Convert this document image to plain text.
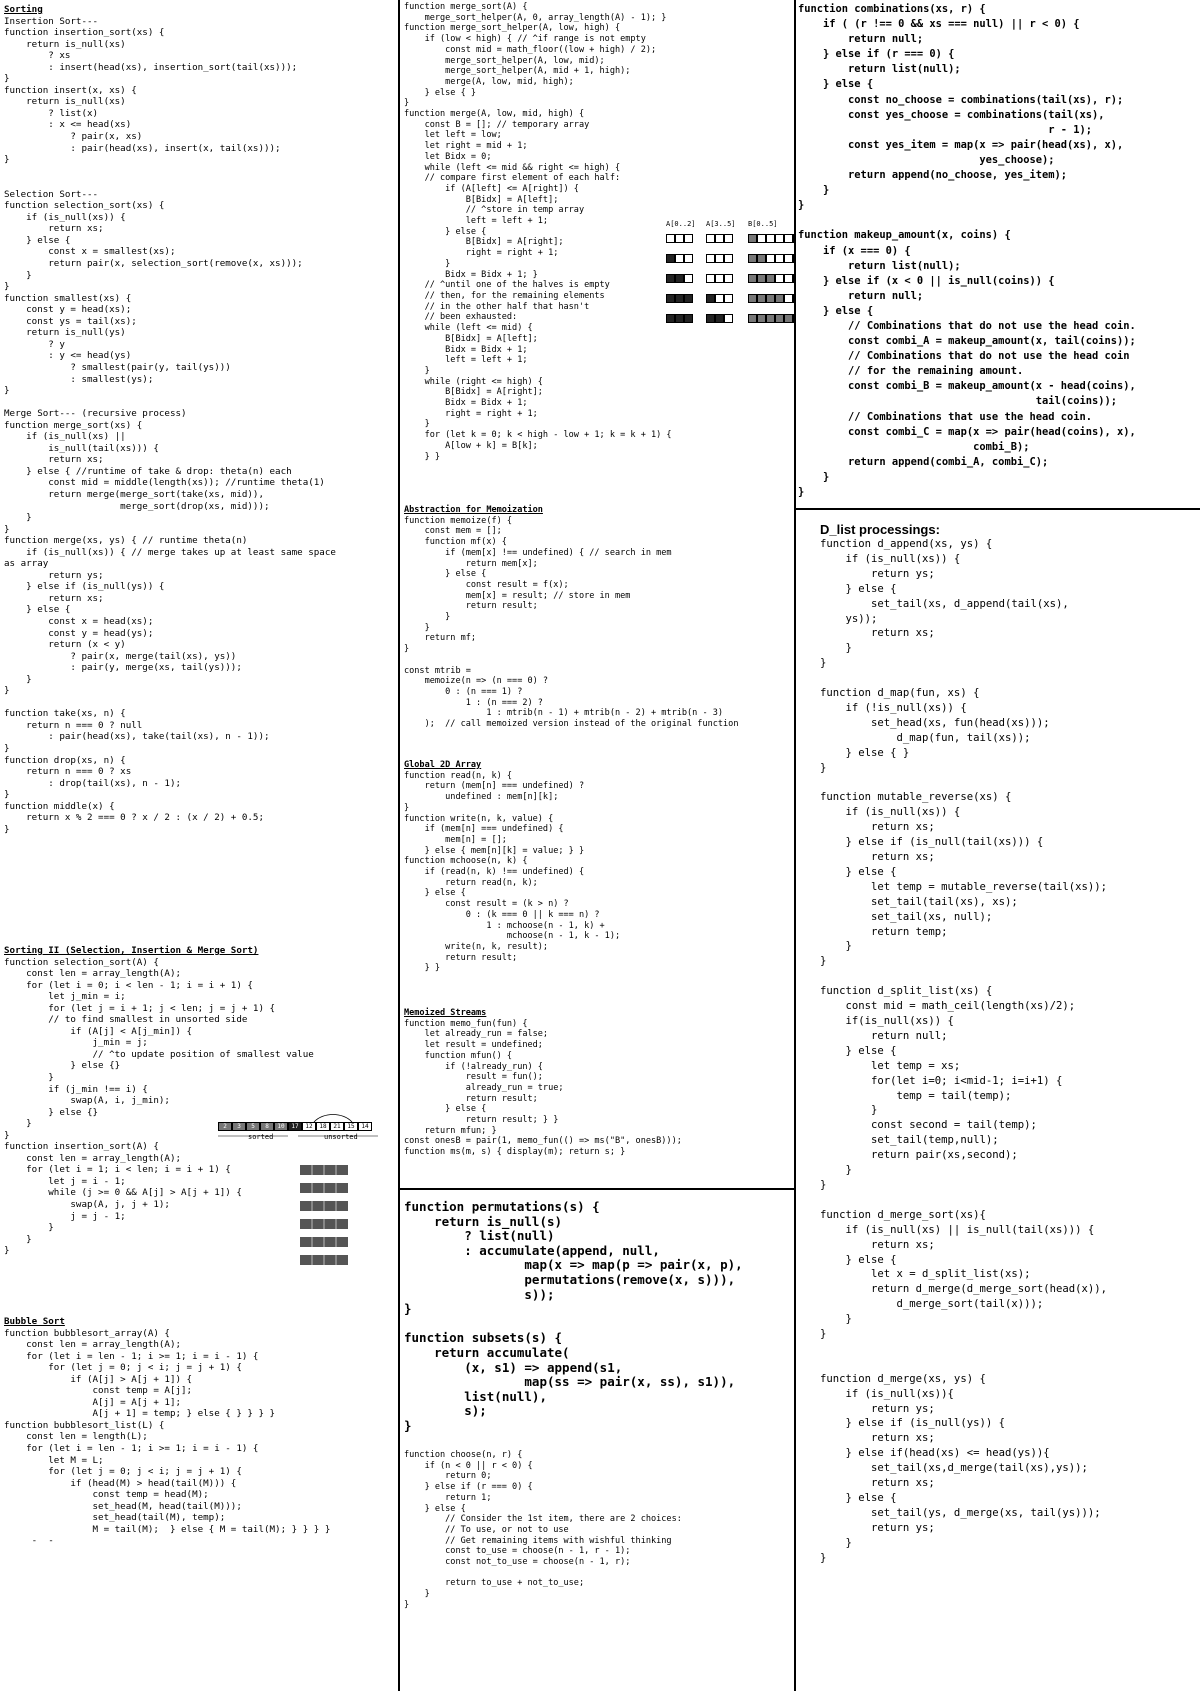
Sorting
Insertion Sort---
function insertion_sort(xs) {
return is_null(xs)
? xs
: insert(head(xs), insertion_sort(tail(xs)));
}
function insert(x, xs) {
return is_null(xs)
? list(x)
: x <= head(xs)
? pair(x, xs)
: pair(head(xs), insert(x, tail(xs)));
}

Selection Sort---
function selection_sort(xs) {
if (is_null(xs)) {
return xs;
} else {
const x = smallest(xs);
return pair(x, selection_sort(remove(x, xs)));
}
}
function smallest(xs) {
const y = head(xs);
const ys = tail(xs);
return is_null(ys)
? y
: y <= head(ys)
? smallest(pair(y, tail(ys)))
: smallest(ys);
}

Merge Sort--- (recursive process)
function merge_sort(xs) {
if (is_null(xs) ||
is_null(tail(xs))) {
return xs;
} else { //runtime of take & drop: theta(n) each
const mid = middle(length(xs)); //runtime theta(1)
return merge(merge_sort(take(xs, mid)),
merge_sort(drop(xs, mid)));
}
}
function merge(xs, ys) { // runtime theta(n)
if (is_null(xs)) { // merge takes up at least same space
as array
return ys;
} else if (is_null(ys)) {
return xs;
} else {
const x = head(xs);
const y = head(ys);
return (x < y)
? pair(x, merge(tail(xs), ys))
: pair(y, merge(xs, tail(ys)));
}
}

function take(xs, n) {
return n === 0 ? null
: pair(head(xs), take(tail(xs), n - 1));
}
function drop(xs, n) {
return n === 0 ? xs
: drop(tail(xs), n - 1);
}
function middle(x) {
return x % 2 === 0 ? x / 2 : (x / 2) + 0.5;
}
Sorting II (Selection, Insertion & Merge Sort)
function selection_sort(A) {
const len = array_length(A);
for (let i = 0; i < len - 1; i = i + 1) {
let j_min = i;
for (let j = i + 1; j < len; j = j + 1) {
// to find smallest in unsorted side
if (A[j] < A[j_min]) {
j_min = j;
// ^to update position of smallest value
} else {}
}
if (j_min !== i) {
swap(A, i, j_min);
} else {}
}
}
function insertion_sort(A) {
const len = array_length(A);
for (let i = 1; i < len; i = i + 1) {
let j = i - 1;
while (j >= 0 && A[j] > A[j + 1]) {
swap(A, j, j + 1);
j = j - 1;
}
}
}
2 3 5 8 10 17 12 18 21 15 14
sorted	unsorted
Bubble Sort
function bubblesort_array(A) {
const len = array_length(A);
for (let i = len - 1; i >= 1; i = i - 1) {
for (let j = 0; j < i; j = j + 1) {
if (A[j] > A[j + 1]) {
const temp = A[j];
A[j] = A[j + 1];
A[j + 1] = temp; } else { } } } }
function bubblesort_list(L) {
const len = length(L);
for (let i = len - 1; i >= 1; i = i - 1) {
let M = L;
for (let j = 0; j < i; j = j + 1) {
if (head(M) > head(tail(M))) {
const temp = head(M);
set_head(M, head(tail(M)));
set_head(tail(M), temp);
M = tail(M);  } else { M = tail(M); } } } }
-  -
function merge_sort(A) {
merge_sort_helper(A, 0, array_length(A) - 1); }
function merge_sort_helper(A, low, high) {
if (low < high) { // ^if range is not empty
const mid = math_floor((low + high) / 2);
merge_sort_helper(A, low, mid);
merge_sort_helper(A, mid + 1, high);
merge(A, low, mid, high);
} else { }
}
function merge(A, low, mid, high) {
const B = []; // temporary array
let left = low;
let right = mid + 1;
let Bidx = 0;
while (left <= mid && right <= high) {
// compare first element of each half:
if (A[left] <= A[right]) {
B[Bidx] = A[left];
// ^store in temp array
left = left + 1;
} else {
B[Bidx] = A[right];
right = right + 1;
}
Bidx = Bidx + 1; }
// ^until one of the halves is empty
// then, for the remaining elements
// in the other half that hasn't
// been exhausted:
while (left <= mid) {
B[Bidx] = A[left];
Bidx = Bidx + 1;
left = left + 1;
}
while (right <= high) {
B[Bidx] = A[right];
Bidx = Bidx + 1;
right = right + 1;
}
for (let k = 0; k < high - low + 1; k = k + 1) {
A[low + k] = B[k];
} }
A[0..2] A[3..5] B[0..5]
Abstraction for Memoization
function memoize(f) {
const mem = [];
function mf(x) {
if (mem[x] !== undefined) { // search in mem
return mem[x];
} else {
const result = f(x);
mem[x] = result; // store in mem
return result;
}
}
return mf;
}

const mtrib =
memoize(n => (n === 0) ?
0 : (n === 1) ?
1 : (n === 2) ?
1 : mtrib(n - 1) + mtrib(n - 2) + mtrib(n - 3)
);  // call memoized version instead of the original function
Global 2D Array
function read(n, k) {
return (mem[n] === undefined) ?
undefined : mem[n][k];
}
function write(n, k, value) {
if (mem[n] === undefined) {
mem[n] = [];
} else { mem[n][k] = value; } }
function mchoose(n, k) {
if (read(n, k) !== undefined) {
return read(n, k);
} else {
const result = (k > n) ?
0 : (k === 0 || k === n) ?
1 : mchoose(n - 1, k) +
mchoose(n - 1, k - 1);
write(n, k, result);
return result;
} }
Memoized Streams
function memo_fun(fun) {
let already_run = false;
let result = undefined;
function mfun() {
if (!already_run) {
result = fun();
already_run = true;
return result;
} else {
return result; } }
return mfun; }
const onesB = pair(1, memo_fun(() => ms("B", onesB)));
function ms(m, s) { display(m); return s; }
function permutations(s) {
return is_null(s)
? list(null)
: accumulate(append, null,
map(x => map(p => pair(x, p),
permutations(remove(x, s))),
s));
}

function subsets(s) {
return accumulate(
(x, s1) => append(s1,
map(ss => pair(x, ss), s1)),
list(null),
s);
}
function choose(n, r) {
if (n < 0 || r < 0) {
return 0;
} else if (r === 0) {
return 1;
} else {
// Consider the 1st item, there are 2 choices:
// To use, or not to use
// Get remaining items with wishful thinking
const to_use = choose(n - 1, r - 1);
const not_to_use = choose(n - 1, r);

return to_use + not_to_use;
}
}
function combinations(xs, r) {
if ( (r !== 0 && xs === null) || r < 0) {
return null;
} else if (r === 0) {
return list(null);
} else {
const no_choose = combinations(tail(xs), r);
const yes_choose = combinations(tail(xs),
r - 1);
const yes_item = map(x => pair(head(xs), x),
yes_choose);
return append(no_choose, yes_item);
}
}

function makeup_amount(x, coins) {
if (x === 0) {
return list(null);
} else if (x < 0 || is_null(coins)) {
return null;
} else {
// Combinations that do not use the head coin.
const combi_A = makeup_amount(x, tail(coins));
// Combinations that do not use the head coin
// for the remaining amount.
const combi_B = makeup_amount(x - head(coins),
tail(coins));
// Combinations that use the head coin.
const combi_C = map(x => pair(head(coins), x),
combi_B);
return append(combi_A, combi_C);
}
}
D_list processings:
function d_append(xs, ys) {
if (is_null(xs)) {
return ys;
} else {
set_tail(xs, d_append(tail(xs),
ys));
return xs;
}
}

function d_map(fun, xs) {
if (!is_null(xs)) {
set_head(xs, fun(head(xs)));
d_map(fun, tail(xs));
} else { }
}

function mutable_reverse(xs) {
if (is_null(xs)) {
return xs;
} else if (is_null(tail(xs))) {
return xs;
} else {
let temp = mutable_reverse(tail(xs));
set_tail(tail(xs), xs);
set_tail(xs, null);
return temp;
}
}

function d_split_list(xs) {
const mid = math_ceil(length(xs)/2);
if(is_null(xs)) {
return null;
} else {
let temp = xs;
for(let i=0; i<mid-1; i=i+1) {
temp = tail(temp);
}
const second = tail(temp);
set_tail(temp,null);
return pair(xs,second);
}
}

function d_merge_sort(xs){
if (is_null(xs) || is_null(tail(xs))) {
return xs;
} else {
let x = d_split_list(xs);
return d_merge(d_merge_sort(head(x)),
d_merge_sort(tail(x)));
}
}

function d_merge(xs, ys) {
if (is_null(xs)){
return ys;
} else if (is_null(ys)) {
return xs;
} else if(head(xs) <= head(ys)){
set_tail(xs,d_merge(tail(xs),ys));
return xs;
} else {
set_tail(ys, d_merge(xs, tail(ys)));
return ys;
}
}
